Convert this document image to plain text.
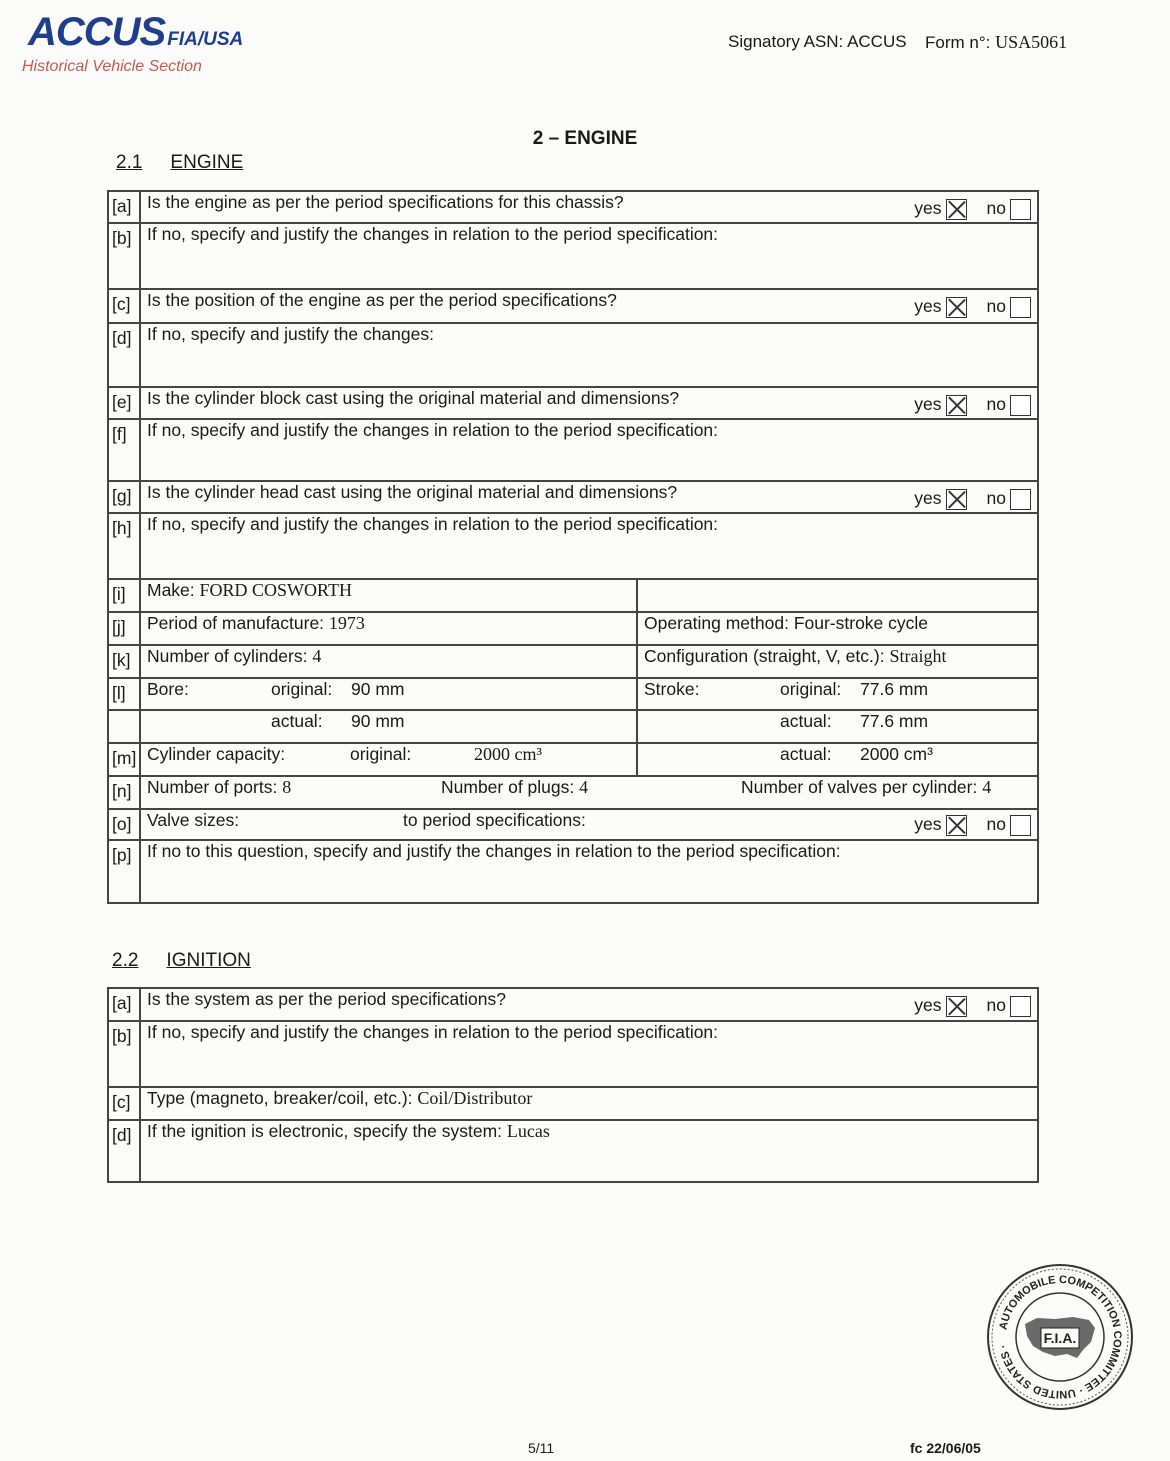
ACCUS FIA/USA
Historical Vehicle Section
Signatory ASN: ACCUS Form n°: USA5061
2 – ENGINE
2.1 ENGINE
[a]	Is the engine as per the period specifications for this chassis? yes no	

[b]	If no, specify and justify the changes in relation to the period specification:	
[c]	Is the position of the engine as per the period specifications? yes no	

[d]	If no, specify and justify the changes:	
[e]	Is the cylinder block cast using the original material and dimensions? yes no	

[f]	If no, specify and justify the changes in relation to the period specification:	
[g]	Is the cylinder head cast using the original material and dimensions? yes no	

[h]	If no, specify and justify the changes in relation to the period specification:	
[i]	Make: FORD COSWORTH	
[j]	Period of manufacture: 1973	Operating method: Four-stroke cycle
[k]	Number of cylinders: 4	Configuration (straight, V, etc.): Straight
[l]	Bore: original: 90 mm	Stroke: original: 77.6 mm
	actual: 90 mm	actual: 77.6 mm
[m]	Cylinder capacity: original: 2000 cm³	actual: 2000 cm³
[n]	Number of ports: 8 Number of plugs: 4 Number of valves per cylinder: 4	
[o]	Valve sizes: to period specifications: yes no	

[p]	If no to this question, specify and justify the changes in relation to the period specification:	
2.2 IGNITION
[a]	Is the system as per the period specifications? yes no

[b]	If no, specify and justify the changes in relation to the period specification:
[c]	Type (magneto, breaker/coil, etc.): Coil/Distributor
[d]	If the ignition is electronic, specify the system: Lucas
AUTOMOBILE COMPETITION COMMITTEE · UNITED STATES ·
F.I.A.
5/11	fc 22/06/05
